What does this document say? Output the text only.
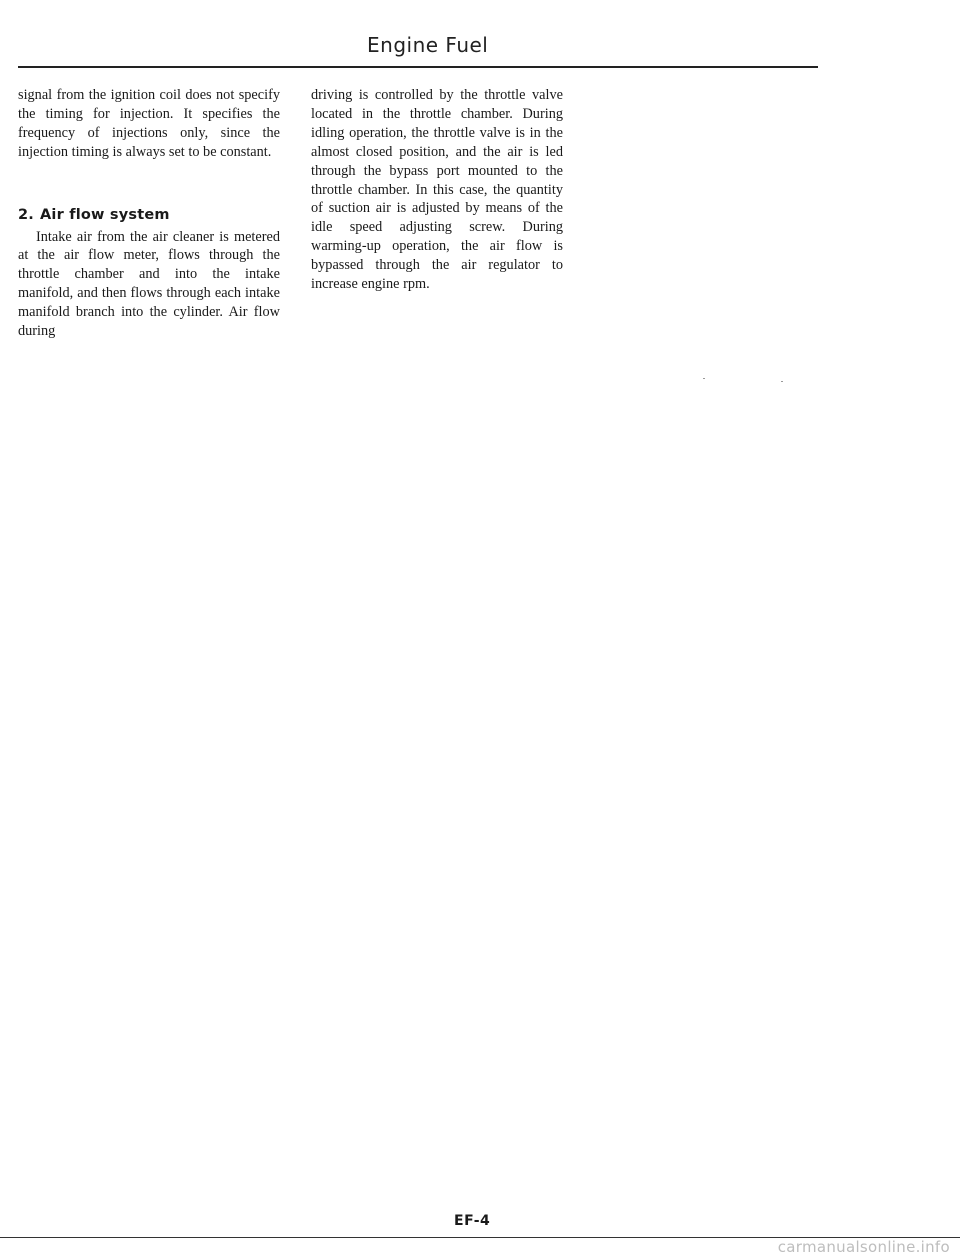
Engine Fuel

signal from the ignition coil does not specify the timing for injection. It specifies the frequency of injections only, since the injection timing is always set to be constant.

2. Air flow system

Intake air from the air cleaner is metered at the air flow meter, flows through the throttle chamber and into the intake manifold, and then flows through each intake manifold branch into the cylinder. Air flow during

driving is controlled by the throttle valve located in the throttle chamber. During idling operation, the throttle valve is in the almost closed position, and the air is led through the bypass port mounted to the throttle chamber. In this case, the quantity of suction air is adjusted by means of the idle speed adjusting screw. During warming-up operation, the air flow is bypassed through the air regulator to increase engine rpm.

EF-4
carmanualsonline.info
